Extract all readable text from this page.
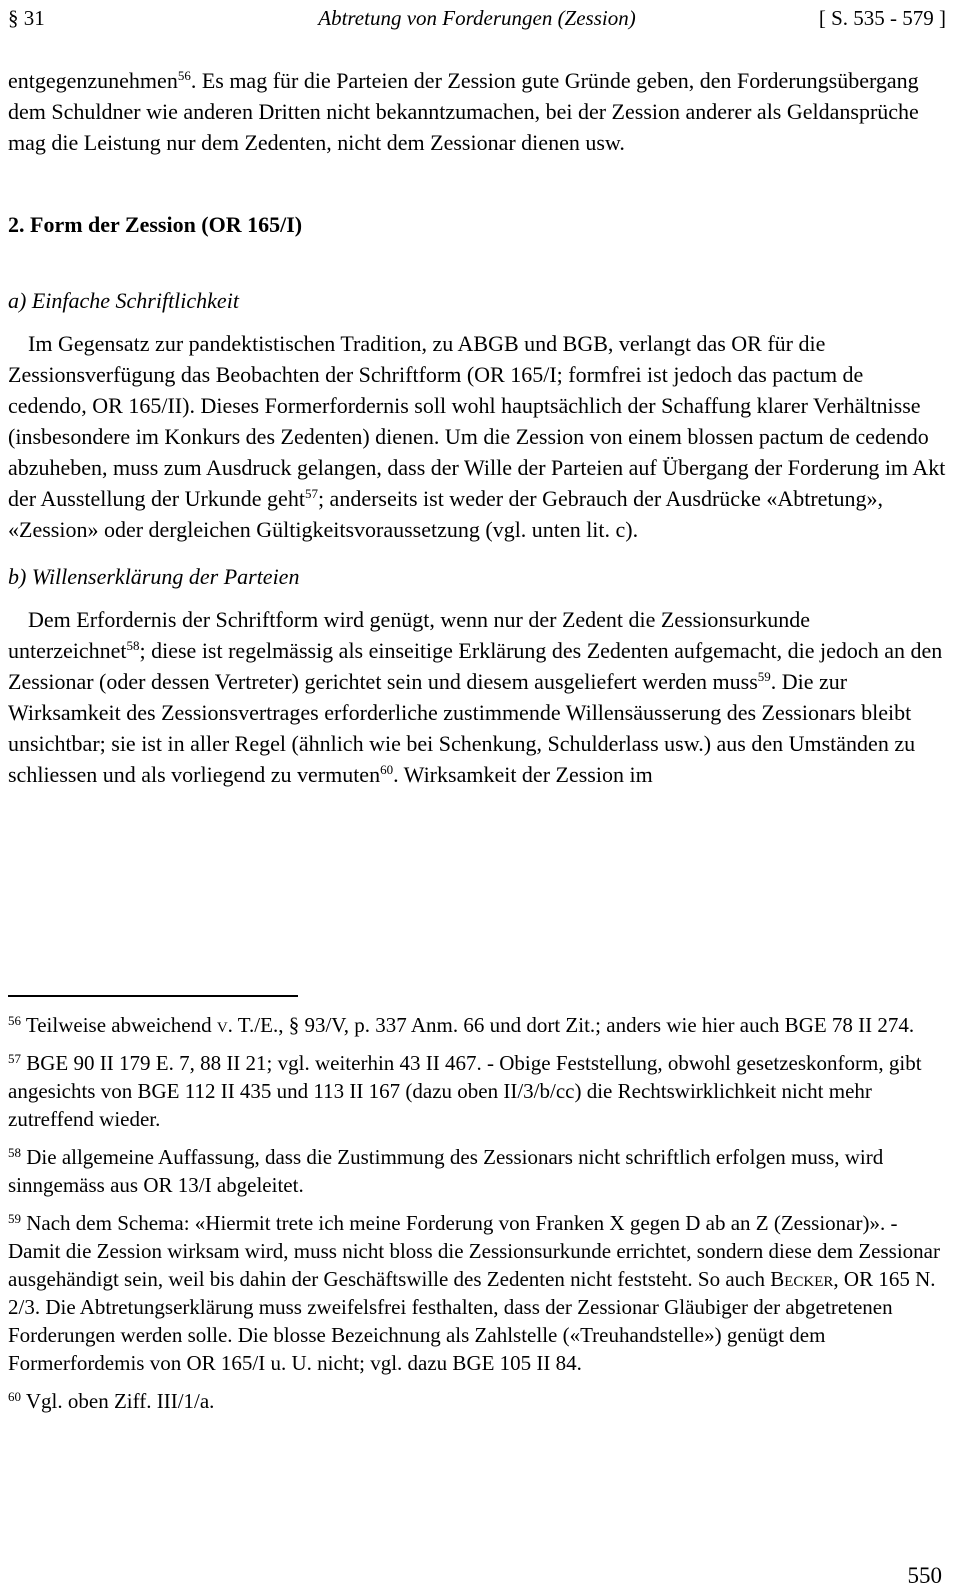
§ 31	Abtretung von Forderungen (Zession)	[ S. 535 - 579 ]

entgegenzunehmen$^{56}$. Es mag für die Parteien der Zession gute Gründe geben, den Forderungsübergang dem Schuldner wie anderen Dritten nicht bekanntzumachen, bei der Zession anderer als Geldansprüche mag die Leistung nur dem Zedenten, nicht dem Zessionar dienen usw.

2. Form der Zession (OR 165/I)
a) Einfache Schriftlichkeit

Im Gegensatz zur pandektistischen Tradition, zu ABGB und BGB, verlangt das OR für die Zessionsverfügung das Beobachten der Schriftform (OR 165/I; formfrei ist jedoch das pactum de cedendo, OR 165/II). Dieses Formerfordernis soll wohl hauptsächlich der Schaffung klarer Verhältnisse (insbesondere im Konkurs des Zedenten) dienen. Um die Zession von einem blossen pactum de cedendo abzuheben, muss zum Ausdruck gelangen, dass der Wille der Parteien auf Übergang der Forderung im Akt der Ausstellung der Urkunde geht$^{57}$; anderseits ist weder der Gebrauch der Ausdrücke «Abtretung», «Zession» oder dergleichen Gültigkeitsvoraussetzung (vgl. unten lit. c).

b) Willenserklärung der Parteien

Dem Erfordernis der Schriftform wird genügt, wenn nur der Zedent die Zessionsurkunde unterzeichnet$^{58}$; diese ist regelmässig als einseitige Erklärung des Zedenten aufgemacht, die jedoch an den Zessionar (oder dessen Vertreter) gerichtet sein und diesem ausgeliefert werden muss$^{59}$. Die zur Wirksamkeit des Zessionsvertrages erforderliche zustimmende Willensäusserung des Zessionars bleibt unsichtbar; sie ist in aller Regel (ähnlich wie bei Schenkung, Schulderlass usw.) aus den Umständen zu schliessen und als vorliegend zu vermuten$^{60}$. Wirksamkeit der Zession im

$^{56}$ Teilweise abweichend v. T./E., § 93/V, p. 337 Anm. 66 und dort Zit.; anders wie hier auch BGE 78 II 274.

$^{57}$ BGE 90 II 179 E. 7, 88 II 21; vgl. weiterhin 43 II 467. - Obige Feststellung, obwohl gesetzeskonform, gibt angesichts von BGE 112 II 435 und 113 II 167 (dazu oben II/3/b/cc) die Rechtswirklichkeit nicht mehr zutreffend wieder.

$^{58}$ Die allgemeine Auffassung, dass die Zustimmung des Zessionars nicht schriftlich erfolgen muss, wird sinngemäss aus OR 13/I abgeleitet.

$^{59}$ Nach dem Schema: «Hiermit trete ich meine Forderung von Franken X gegen D ab an Z (Zessionar)». - Damit die Zession wirksam wird, muss nicht bloss die Zessionsurkunde errichtet, sondern diese dem Zessionar ausgehändigt sein, weil bis dahin der Geschäftswille des Zedenten nicht feststeht. So auch Becker, OR 165 N. 2/3. Die Abtretungserklärung muss zweifelsfrei festhalten, dass der Zessionar Gläubiger der abgetretenen Forderungen werden solle. Die blosse Bezeichnung als Zahlstelle («Treuhandstelle») genügt dem Formerfordemis von OR 165/I u. U. nicht; vgl. dazu BGE 105 II 84.

$^{60}$ Vgl. oben Ziff. III/1/a.

550
